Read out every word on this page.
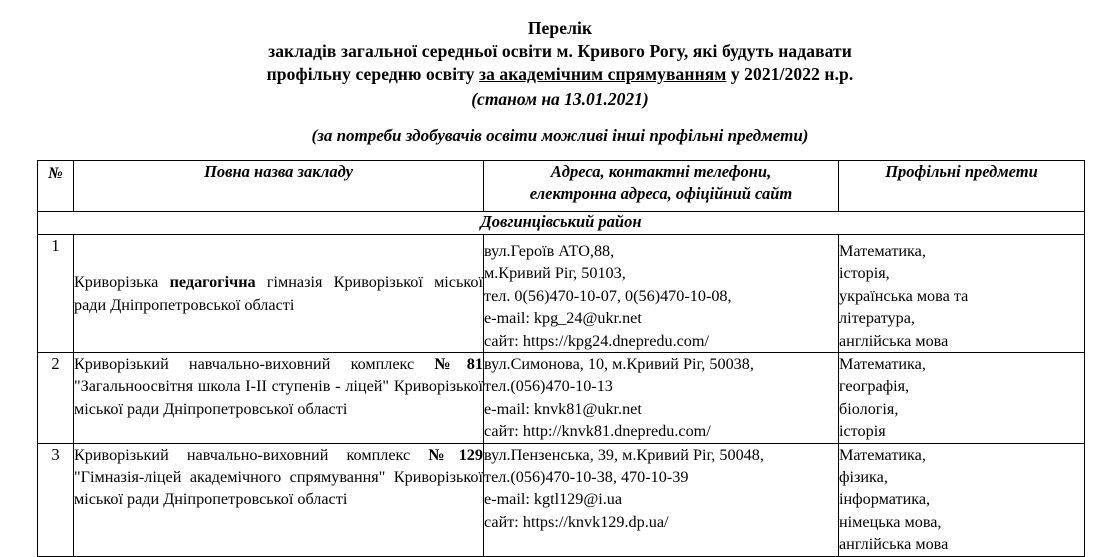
Перелік
закладів загальної середньої освіти м. Кривого Рогу, які будуть надавати
профільну середню освіту за академічним спрямуванням у 2021/2022 н.р.
(станом на 13.01.2021)
(за потреби здобувачів освіти можливі інші профільні предмети)
№	Повна назва закладу	Адреса, контактні телефони,
електронна адреса, офіційний сайт	Профільні предмети
Довгинцівський район			
1	Криворізька педагогічна гімназія Криворізької міської ради Дніпропетровської області	вул.Героїв АТО,88,
м.Кривий Ріг, 50103,
тел. 0(56)470-10-07, 0(56)470-10-08,
e-mail: kpg_24@ukr.net
сайт: https://kpg24.dnepredu.com/	Математика,
історія,
українська мова та
література,
англійська мова

2	Криворізький навчально-виховний комплекс №81 "Загальноосвітня школа I-II ступенів - ліцей" Криворізької міської ради Дніпропетровської області	вул.Симонова, 10, м.Кривий Ріг, 50038,
тел.(056)470-10-13
e-mail: knvk81@ukr.net
сайт: http://knvk81.dnepredu.com/	Математика,
географія,
біологія,
історія

3	Криворізький навчально-виховний комплекс №129 "Гімназія-ліцей академічного спрямування" Криворізької міської ради Дніпропетровської області	вул.Пензенська, 39, м.Кривий Ріг, 50048,
тел.(056)470-10-38, 470-10-39
e-mail: kgtl129@i.ua
сайт: https://knvk129.dp.ua/	Математика,
фізика,
інформатика,
німецька мова,
англійська мова
